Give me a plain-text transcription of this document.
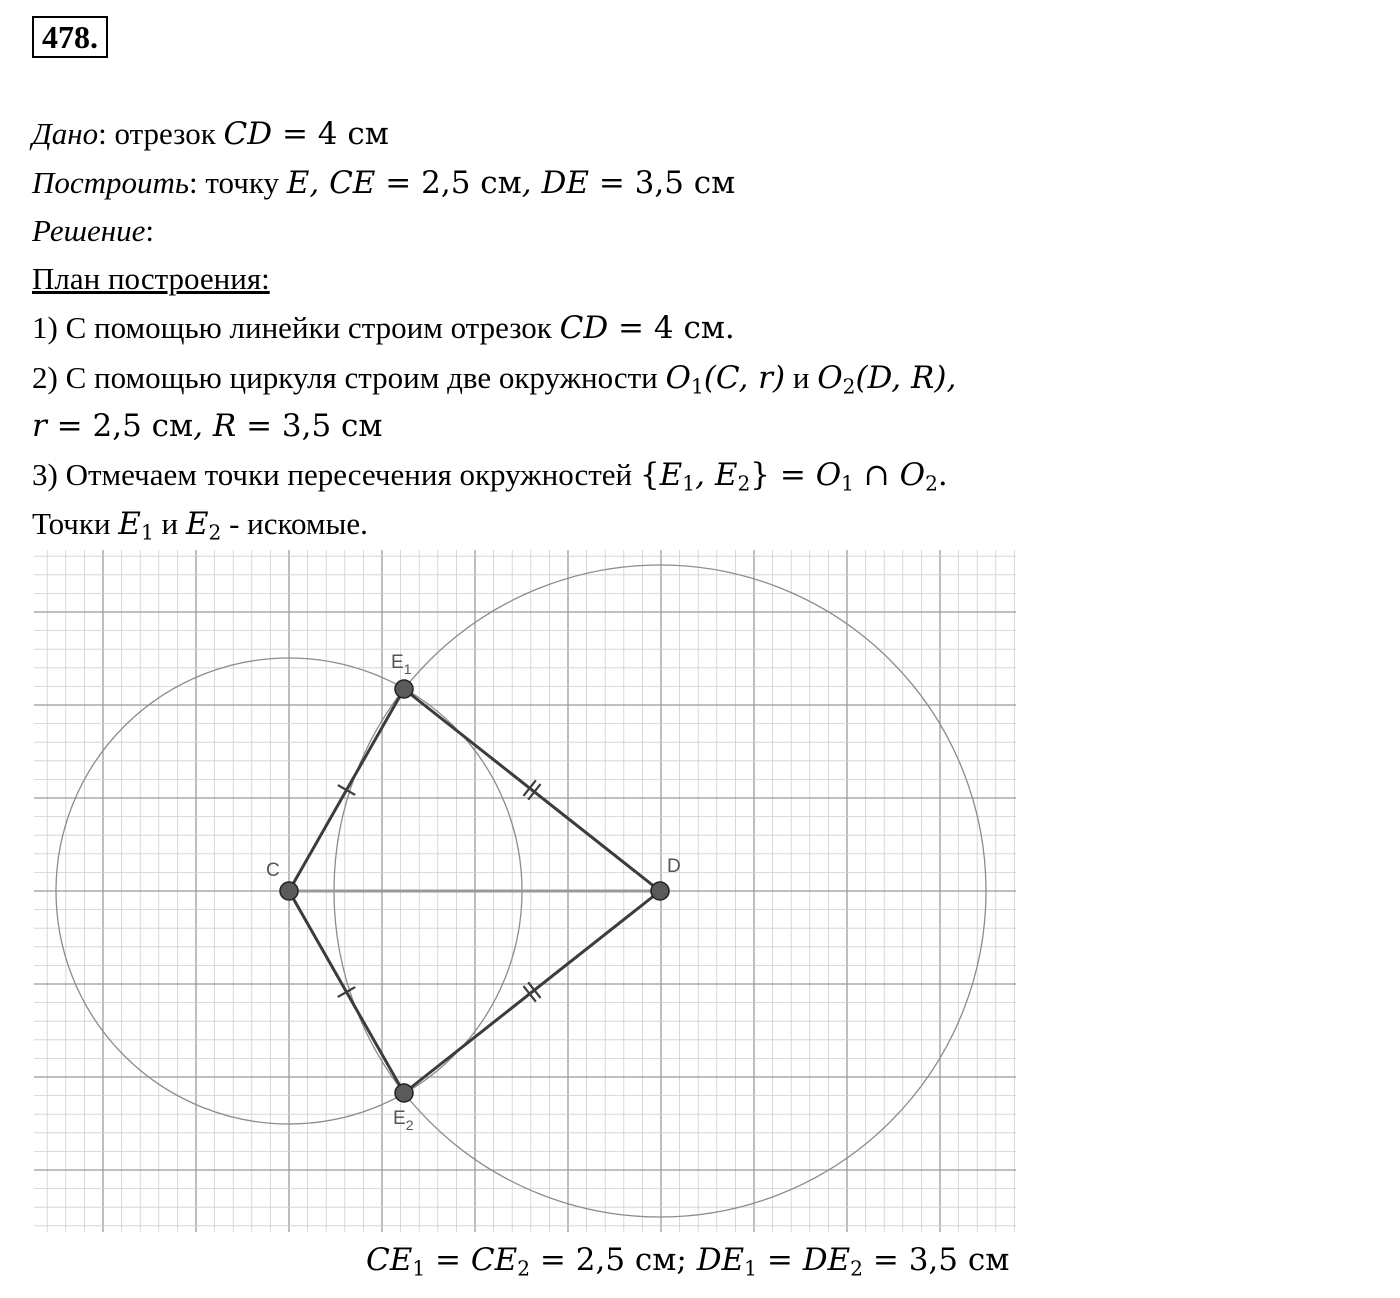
478.
Дано: отрезок CD = 4 см
Построить: точку E, CE = 2,5 см, DE = 3,5 см
Решение:
План построения:
1) С помощью линейки строим отрезок CD = 4 см.
2) С помощью циркуля строим две окружности $O_1(C$, r) и $O_2(D$, R),
r = 2,5 см, R = 3,5 см
3) Отмечаем точки пересечения окружностей {$E_1$, $E_2\} = O_1$ ∩ $O_2$.
Точки $E_1$ и $E_2$ - искомые.
C	D
$E_1$
$E_2$
$CE_1 = CE_2 = 2,5$ см; $DE_1 = DE_2 = 3,5$ см
